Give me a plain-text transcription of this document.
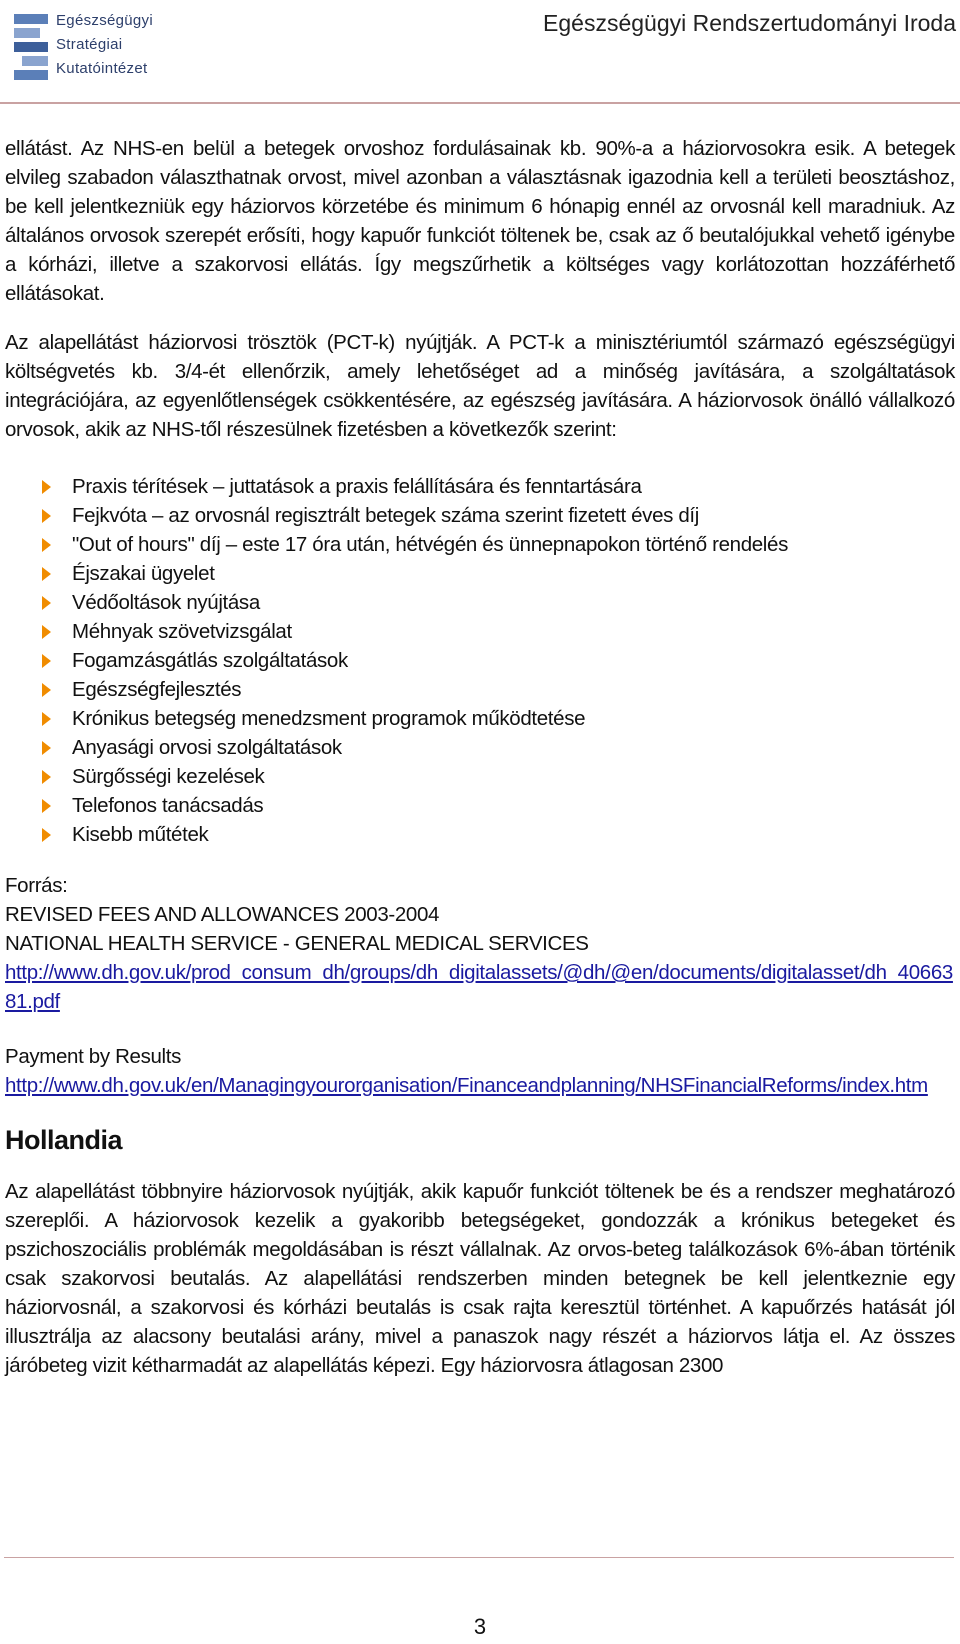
Egészségügyi
Stratégiai
Kutatóintézet
Egészségügyi Rendszertudományi Iroda

ellátást. Az NHS-en belül a betegek orvoshoz fordulásainak kb. 90%-a a háziorvosokra esik. A betegek elvileg szabadon választhatnak orvost, mivel azonban a választásnak igazodnia kell a területi beosztáshoz, be kell jelentkezniük egy háziorvos körzetébe és minimum 6 hónapig ennél az orvosnál kell maradniuk. Az általános orvosok szerepét erősíti, hogy kapuőr funkciót töltenek be, csak az ő beutalójukkal vehető igénybe a kórházi, illetve a szakorvosi ellátás. Így megszűrhetik a költséges vagy korlátozottan hozzáférhető ellátásokat.

Az alapellátást háziorvosi trösztök (PCT-k) nyújtják. A PCT-k a minisztériumtól származó egészségügyi költségvetés kb. 3/4-ét ellenőrzik, amely lehetőséget ad a minőség javítására, a szolgáltatások integrációjára, az egyenlőtlenségek csökkentésére, az egészség javítására. A háziorvosok önálló vállalkozó orvosok, akik az NHS-től részesülnek fizetésben a következők szerint:

Praxis térítések – juttatások a praxis felállítására és fenntartására
Fejkvóta – az orvosnál regisztrált betegek száma szerint fizetett éves díj
"Out of hours" díj – este 17 óra után, hétvégén és ünnepnapokon történő rendelés
Éjszakai ügyelet
Védőoltások nyújtása
Méhnyak szövetvizsgálat
Fogamzásgátlás szolgáltatások
Egészségfejlesztés
Krónikus betegség menedzsment programok működtetése
Anyasági orvosi szolgáltatások
Sürgősségi kezelések
Telefonos tanácsadás
Kisebb műtétek
Forrás:
REVISED FEES AND ALLOWANCES 2003-2004
NATIONAL HEALTH SERVICE - GENERAL MEDICAL SERVICES
http://www.dh.gov.uk/prod_consum_dh/groups/dh_digitalassets/@dh/@en/documents/digitalasset/dh_4066381.pdf
Payment by Results
http://www.dh.gov.uk/en/Managingyourorganisation/Financeandplanning/NHSFinancialReforms/index.htm
Hollandia

Az alapellátást többnyire háziorvosok nyújtják, akik kapuőr funkciót töltenek be és a rendszer meghatározó szereplői. A háziorvosok kezelik a gyakoribb betegségeket, gondozzák a krónikus betegeket és pszichoszociális problémák megoldásában is részt vállalnak. Az orvos-beteg találkozások 6%-ában történik csak szakorvosi beutalás. Az alapellátási rendszerben minden betegnek be kell jelentkeznie egy háziorvosnál, a szakorvosi és kórházi beutalás is csak rajta keresztül történhet. A kapuőrzés hatását jól illusztrálja az alacsony beutalási arány, mivel a panaszok nagy részét a háziorvos látja el. Az összes járóbeteg vizit kétharmadát az alapellátás képezi. Egy háziorvosra átlagosan 2300

3
